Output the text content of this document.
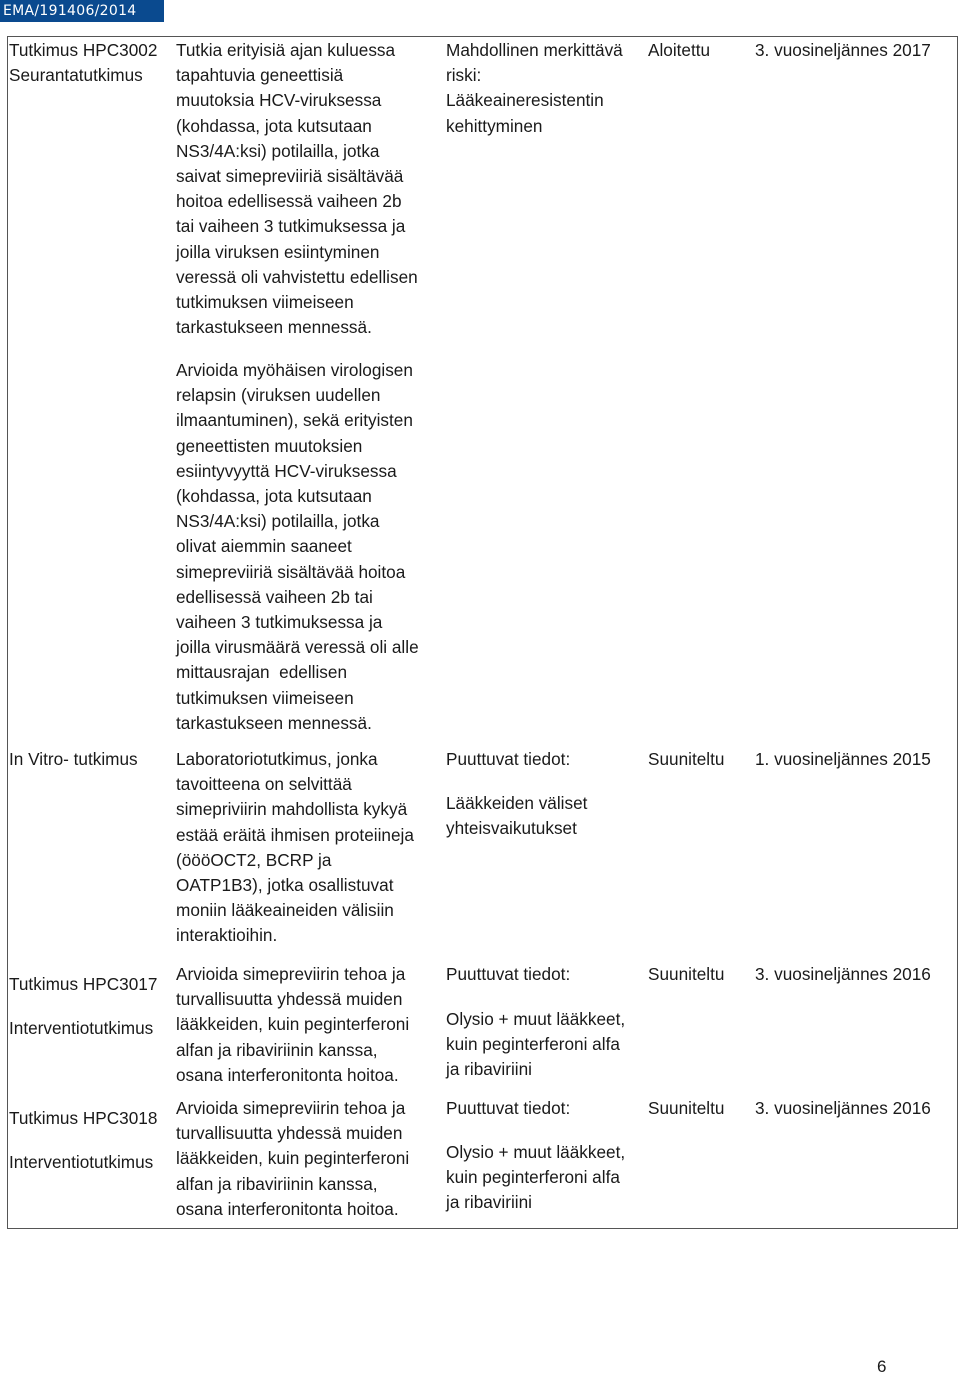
EMA/191406/2014
Tutkimus HPC3002
Seurantatutkimus
Tutkia erityisiä ajan kuluessa
tapahtuvia geneettisiä
muutoksia HCV-viruksessa
(kohdassa, jota kutsutaan
NS3/4A:ksi) potilailla, jotka
saivat simepreviiriä sisältävää
hoitoa edellisessä vaiheen 2b
tai vaiheen 3 tutkimuksessa ja
joilla viruksen esiintyminen
veressä oli vahvistettu edellisen
tutkimuksen viimeiseen
tarkastukseen mennessä.
Arvioida myöhäisen virologisen
relapsin (viruksen uudellen
ilmaantuminen), sekä erityisten
geneettisten muutoksien
esiintyvyyttä HCV-viruksessa
(kohdassa, jota kutsutaan
NS3/4A:ksi) potilailla, jotka
olivat aiemmin saaneet
simepreviiriä sisältävää hoitoa
edellisessä vaiheen 2b tai
vaiheen 3 tutkimuksessa ja
joilla virusmäärä veressä oli alle
mittausrajan  edellisen
tutkimuksen viimeiseen
tarkastukseen mennessä.
Mahdollinen merkittävä
riski:
Lääkeaineresistentin
kehittyminen
Aloitettu	3. vuosineljännes 2017
In Vitro- tutkimus Laboratoriotutkimus, jonka
tavoitteena on selvittää
simepriviirin mahdollista kykyä
estää eräitä ihmisen proteiineja
(öööOCT2, BCRP ja
OATP1B3), jotka osallistuvat
moniin lääkeaineiden välisiin
interaktioihin.
Puuttuvat tiedot:
Lääkkeiden väliset
yhteisvaikutukset
Suuniteltu 1. vuosineljännes 2015
Tutkimus HPC3017
Interventiotutkimus
Arvioida simepreviirin tehoa ja
turvallisuutta yhdessä muiden
lääkkeiden, kuin peginterferoni
alfan ja ribaviriinin kanssa,
osana interferonitonta hoitoa.
Puuttuvat tiedot:
Olysio + muut lääkkeet,
kuin peginterferoni alfa
ja ribaviriini
Suuniteltu 3. vuosineljännes 2016
Tutkimus HPC3018
Interventiotutkimus
Arvioida simepreviirin tehoa ja
turvallisuutta yhdessä muiden
lääkkeiden, kuin peginterferoni
alfan ja ribaviriinin kanssa,
osana interferonitonta hoitoa.
Puuttuvat tiedot:
Olysio + muut lääkkeet,
kuin peginterferoni alfa
ja ribaviriini
Suuniteltu 3. vuosineljännes 2016
6
